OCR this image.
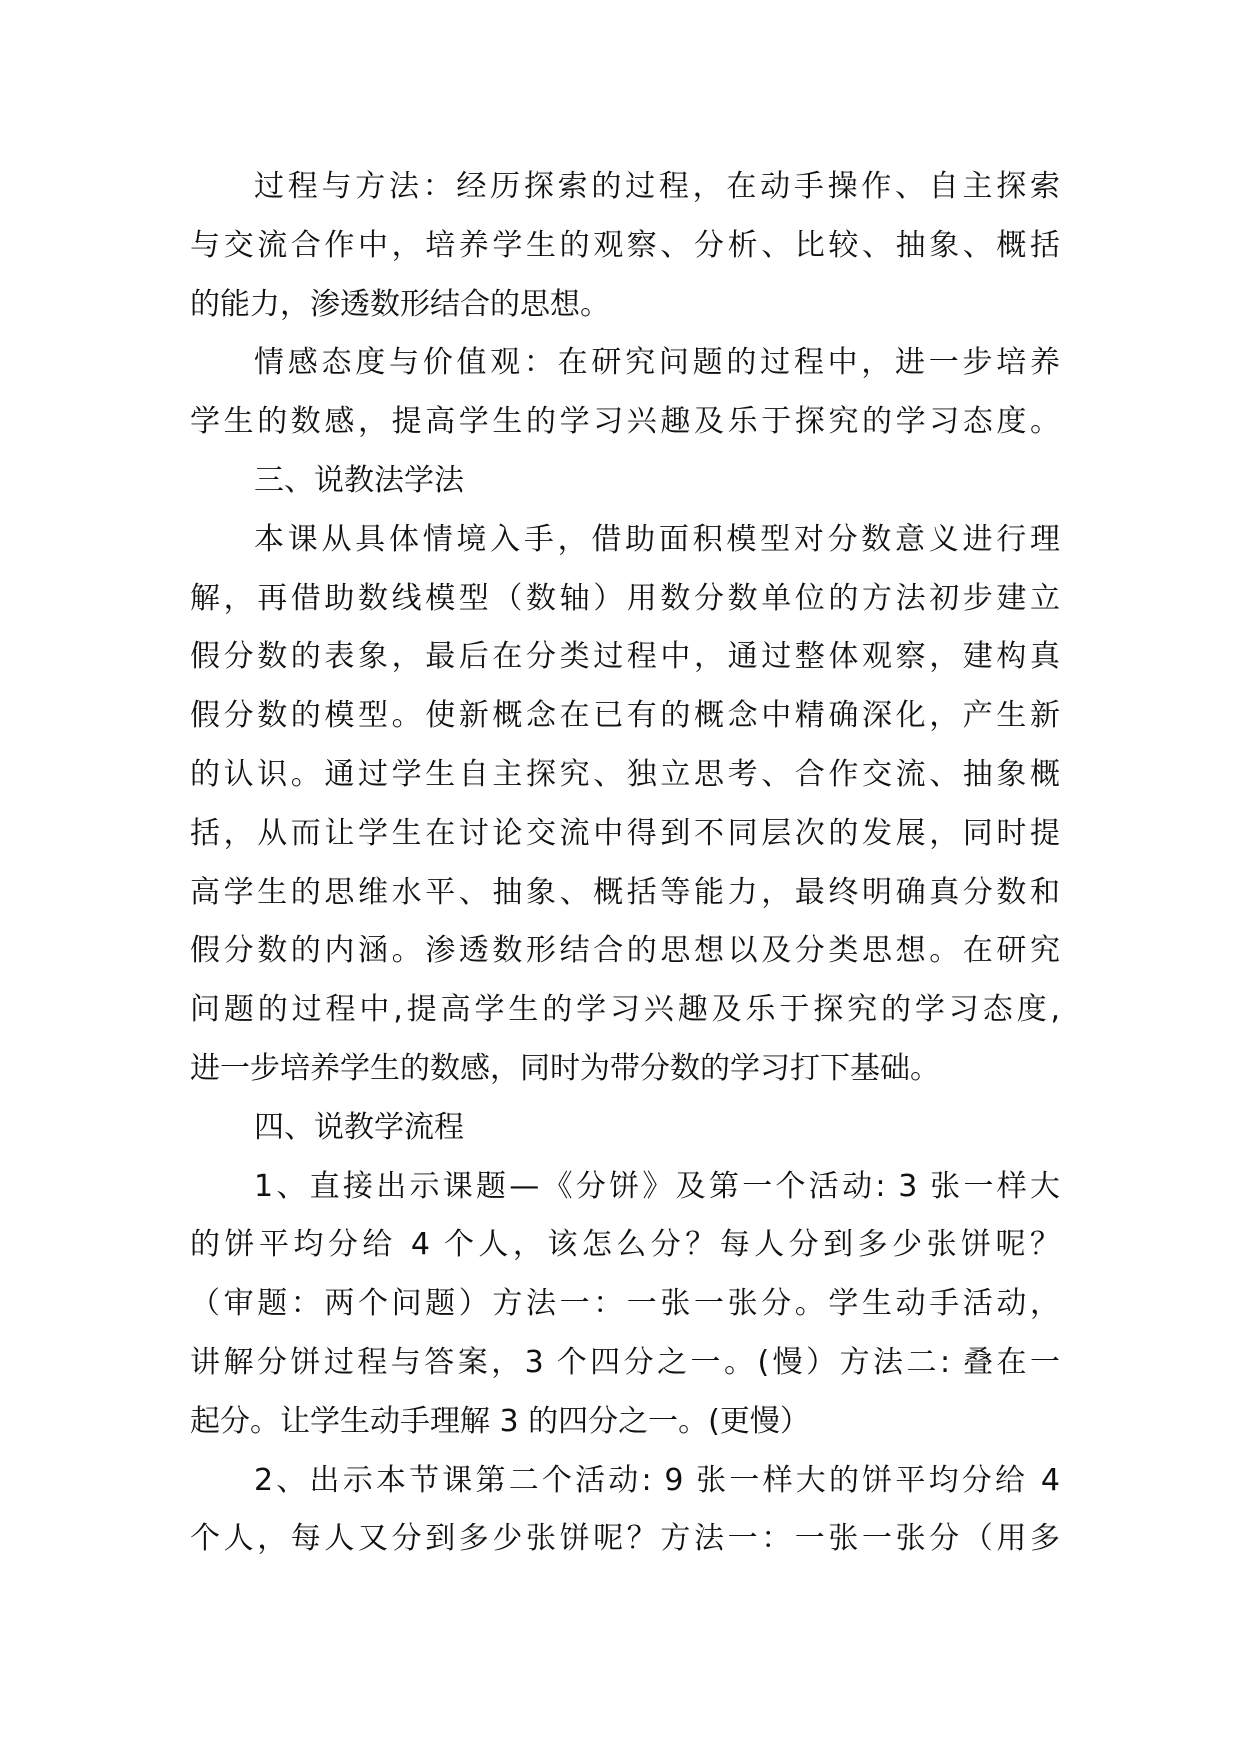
过程与方法：经历探索的过程，在动手操作、自主探索
与交流合作中，培养学生的观察、分析、比较、抽象、概括
的能力，渗透数形结合的思想。
情感态度与价值观：在研究问题的过程中，进一步培养
学生的数感，提高学生的学习兴趣及乐于探究的学习态度。
三、说教法学法
本课从具体情境入手，借助面积模型对分数意义进行理
解，再借助数线模型（数轴）用数分数单位的方法初步建立
假分数的表象，最后在分类过程中，通过整体观察，建构真
假分数的模型。使新概念在已有的概念中精确深化，产生新
的认识。通过学生自主探究、独立思考、合作交流、抽象概
括，从而让学生在讨论交流中得到不同层次的发展，同时提
高学生的思维水平、抽象、概括等能力，最终明确真分数和
假分数的内涵。渗透数形结合的思想以及分类思想。在研究
问题的过程中,提高学生的学习兴趣及乐于探究的学习态度,
进一步培养学生的数感，同时为带分数的学习打下基础。
四、说教学流程
1、直接出示课题—《分饼》及第一个活动: 3 张一样大
的饼平均分给 4 个人，该怎么分？每人分到多少张饼呢？
（审题：两个问题）方法一：一张一张分。学生动手活动，
讲解分饼过程与答案，3 个四分之一。(慢）方法二: 叠在一
起分。让学生动手理解 3 的四分之一。(更慢）
2、出示本节课第二个活动: 9 张一样大的饼平均分给 4
个人，每人又分到多少张饼呢？方法一：一张一张分（用多
